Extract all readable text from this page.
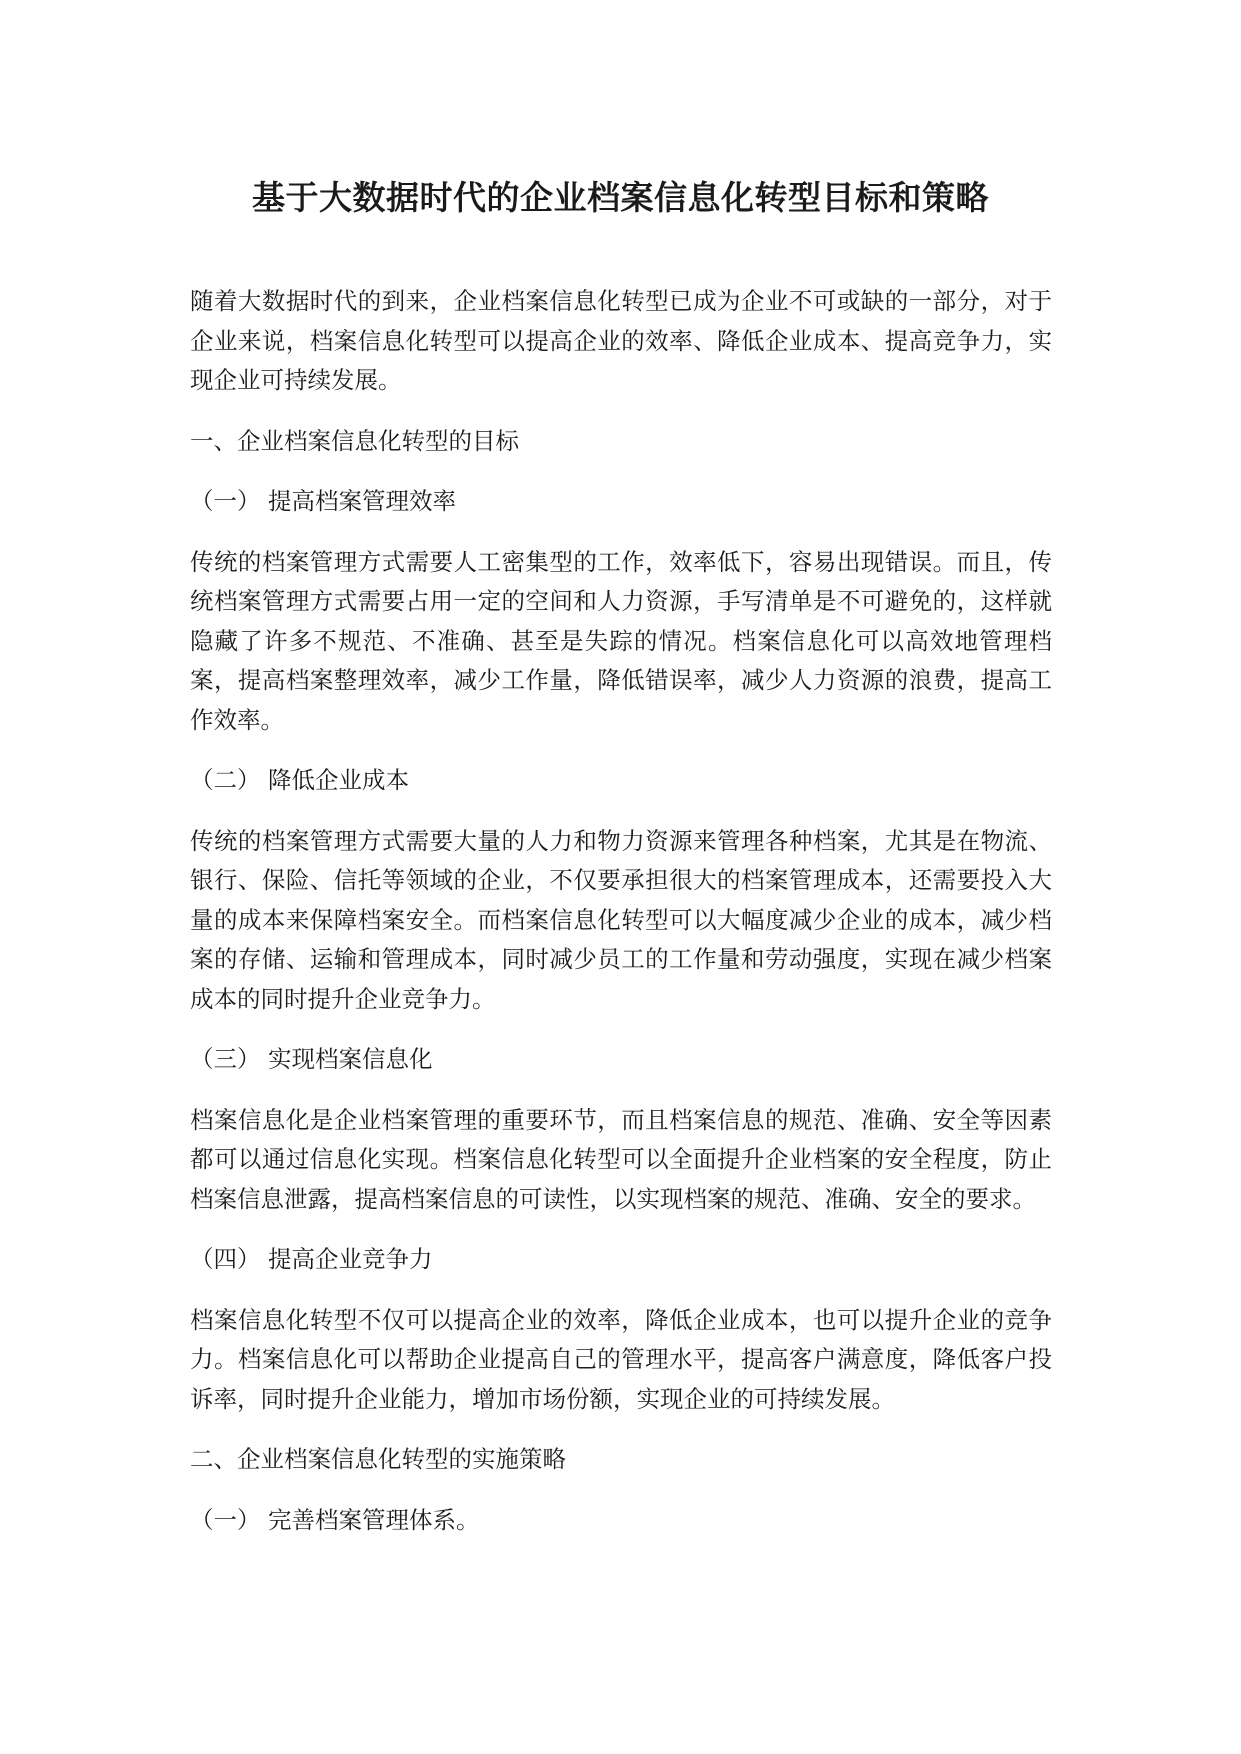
基于大数据时代的企业档案信息化转型目标和策略

随着大数据时代的到来，企业档案信息化转型已成为企业不可或缺的一部分，对于企业来说，档案信息化转型可以提高企业的效率、降低企业成本、提高竞争力，实现企业可持续发展。

一、企业档案信息化转型的目标

（一） 提高档案管理效率

传统的档案管理方式需要人工密集型的工作，效率低下，容易出现错误。而且，传统档案管理方式需要占用一定的空间和人力资源，手写清单是不可避免的，这样就隐藏了许多不规范、不准确、甚至是失踪的情况。档案信息化可以高效地管理档案，提高档案整理效率，减少工作量，降低错误率，减少人力资源的浪费，提高工作效率。

（二） 降低企业成本

传统的档案管理方式需要大量的人力和物力资源来管理各种档案，尤其是在物流、银行、保险、信托等领域的企业，不仅要承担很大的档案管理成本，还需要投入大量的成本来保障档案安全。而档案信息化转型可以大幅度减少企业的成本，减少档案的存储、运输和管理成本，同时减少员工的工作量和劳动强度，实现在减少档案成本的同时提升企业竞争力。

（三） 实现档案信息化

档案信息化是企业档案管理的重要环节，而且档案信息的规范、准确、安全等因素都可以通过信息化实现。档案信息化转型可以全面提升企业档案的安全程度，防止档案信息泄露，提高档案信息的可读性，以实现档案的规范、准确、安全的要求。

（四） 提高企业竞争力

档案信息化转型不仅可以提高企业的效率，降低企业成本，也可以提升企业的竞争力。档案信息化可以帮助企业提高自己的管理水平，提高客户满意度，降低客户投诉率，同时提升企业能力，增加市场份额，实现企业的可持续发展。

二、企业档案信息化转型的实施策略

（一） 完善档案管理体系。
